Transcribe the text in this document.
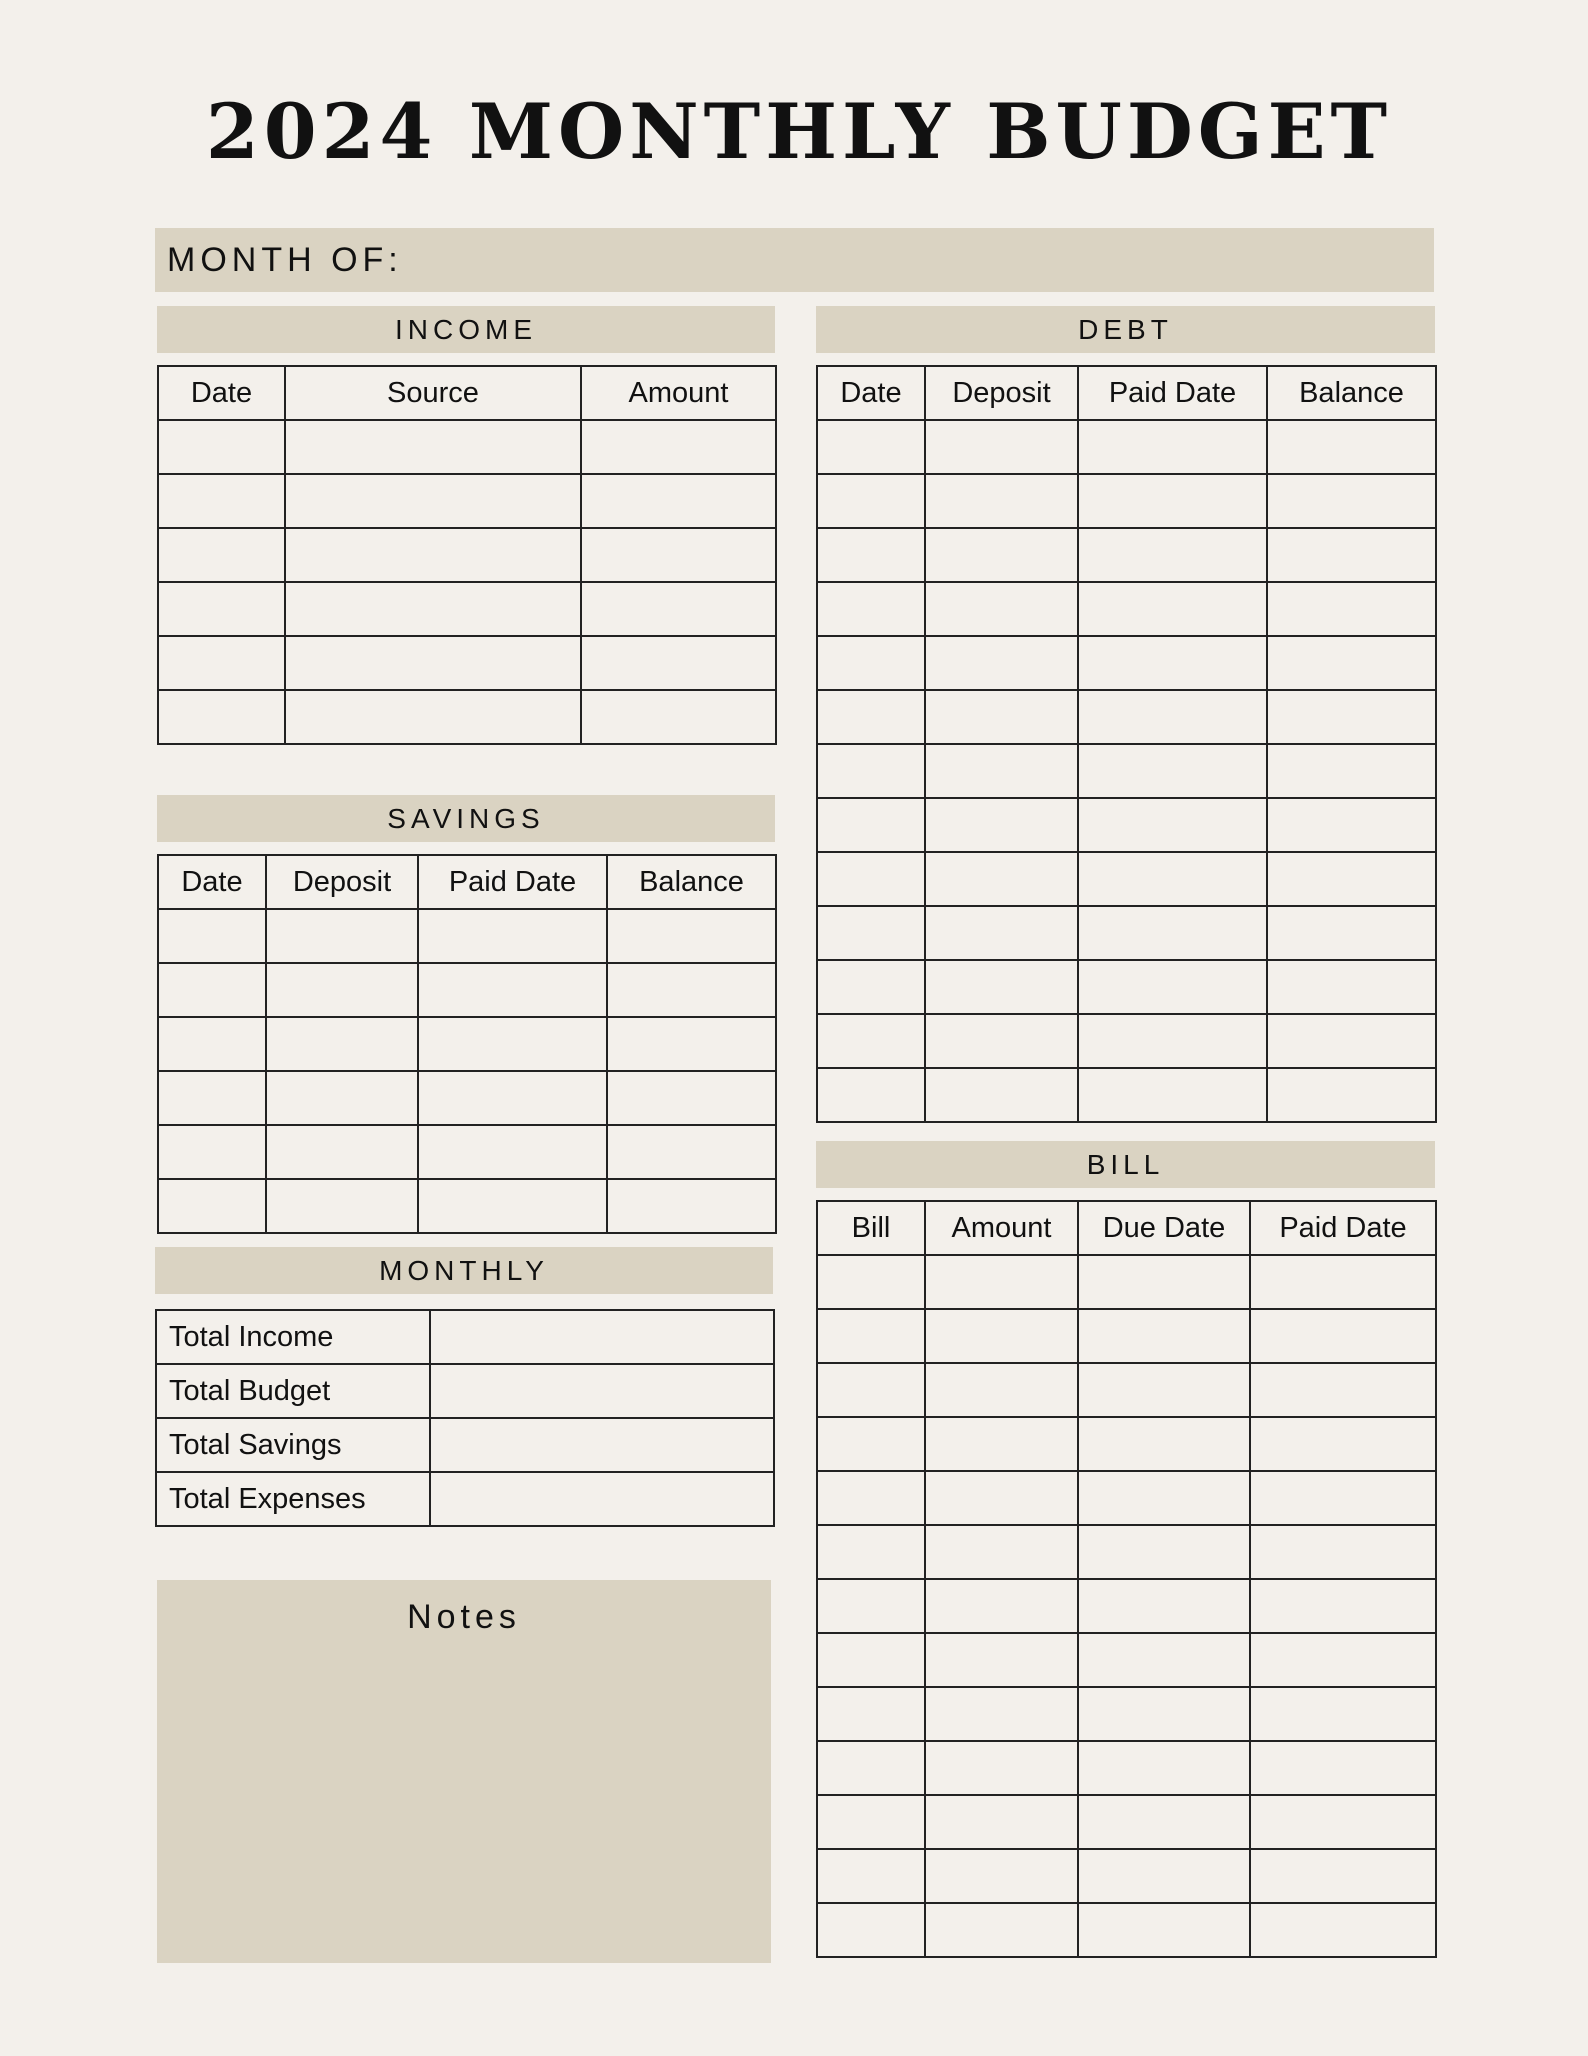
2024 MONTHLY BUDGET
MONTH OF:
INCOME
Date	Source	Amount

DEBT
Date	Deposit	Paid Date	Balance

SAVINGS
Date	Deposit	Paid Date	Balance

BILL
Bill	Amount	Due Date	Paid Date

MONTHLY
Total Income	
Total Budget	
Total Savings	
Total Expenses	
Notes
